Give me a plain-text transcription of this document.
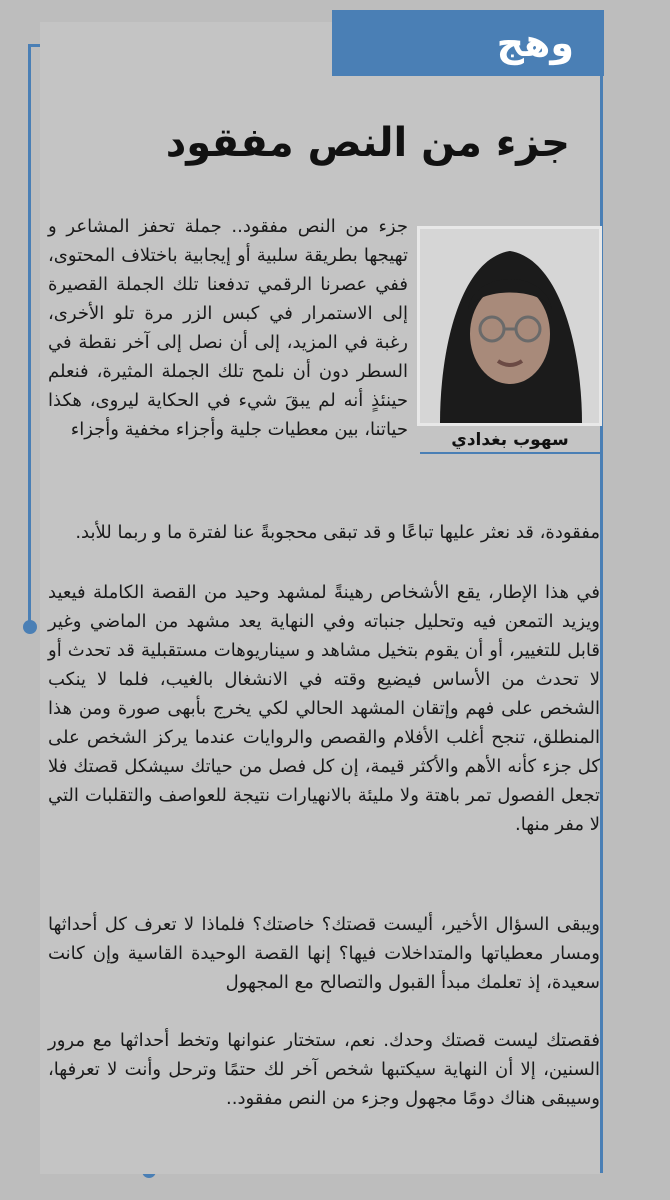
وهج
جزء من النص مفقود
سهوب بغدادي

جزء من النص مفقود.. جملة تحفز المشاعر و تهيجها بطريقة سلبية أو إيجابية باختلاف المحتوى، ففي عصرنا الرقمي تدفعنا تلك الجملة القصيرة إلى الاستمرار في كبس الزر مرة تلو الأخرى، رغبة في المزيد، إلى أن نصل إلى آخر نقطة في السطر دون أن نلمح تلك الجملة المثيرة، فنعلم حينئذٍ أنه لم يبقَ شيء في الحكاية ليروى، هكذا حياتنا، بين معطيات جلية وأجزاء مخفية وأجزاء

مفقودة، قد نعثر عليها تباعًا و قد تبقى محجوبةً عنا لفترة ما و ربما للأبد.

في هذا الإطار، يقع الأشخاص رهينةً لمشهد وحيد من القصة الكاملة فيعيد ويزيد التمعن فيه وتحليل جنباته وفي النهاية يعد مشهد من الماضي وغير قابل للتغيير، أو أن يقوم بتخيل مشاهد و سيناريوهات مستقبلية قد تحدث أو لا تحدث من الأساس فيضيع وقته في الانشغال بالغيب، فلما لا ينكب الشخص على فهم وإتقان المشهد الحالي لكي يخرج بأبهى صورة ومن هذا المنطلق، تنجح أغلب الأفلام والقصص والروايات عندما يركز الشخص على كل جزء كأنه الأهم والأكثر قيمة، إن كل فصل من حياتك سيشكل قصتك فلا تجعل الفصول تمر باهتة ولا مليئة بالانهيارات نتيجة للعواصف والتقلبات التي لا مفر منها.

ويبقى السؤال الأخير، أليست قصتك؟ خاصتك؟ فلماذا لا تعرف كل أحداثها ومسار معطياتها والمتداخلات فيها؟ إنها القصة الوحيدة القاسية وإن كانت سعيدة، إذ تعلمك مبدأ القبول والتصالح مع المجهول

فقصتك ليست قصتك وحدك. نعم، ستختار عنوانها وتخط أحداثها مع مرور السنين، إلا أن النهاية سيكتبها شخص آخر لك حتمًا وترحل وأنت لا تعرفها، وسيبقى هناك دومًا مجهول وجزء من النص مفقود..
